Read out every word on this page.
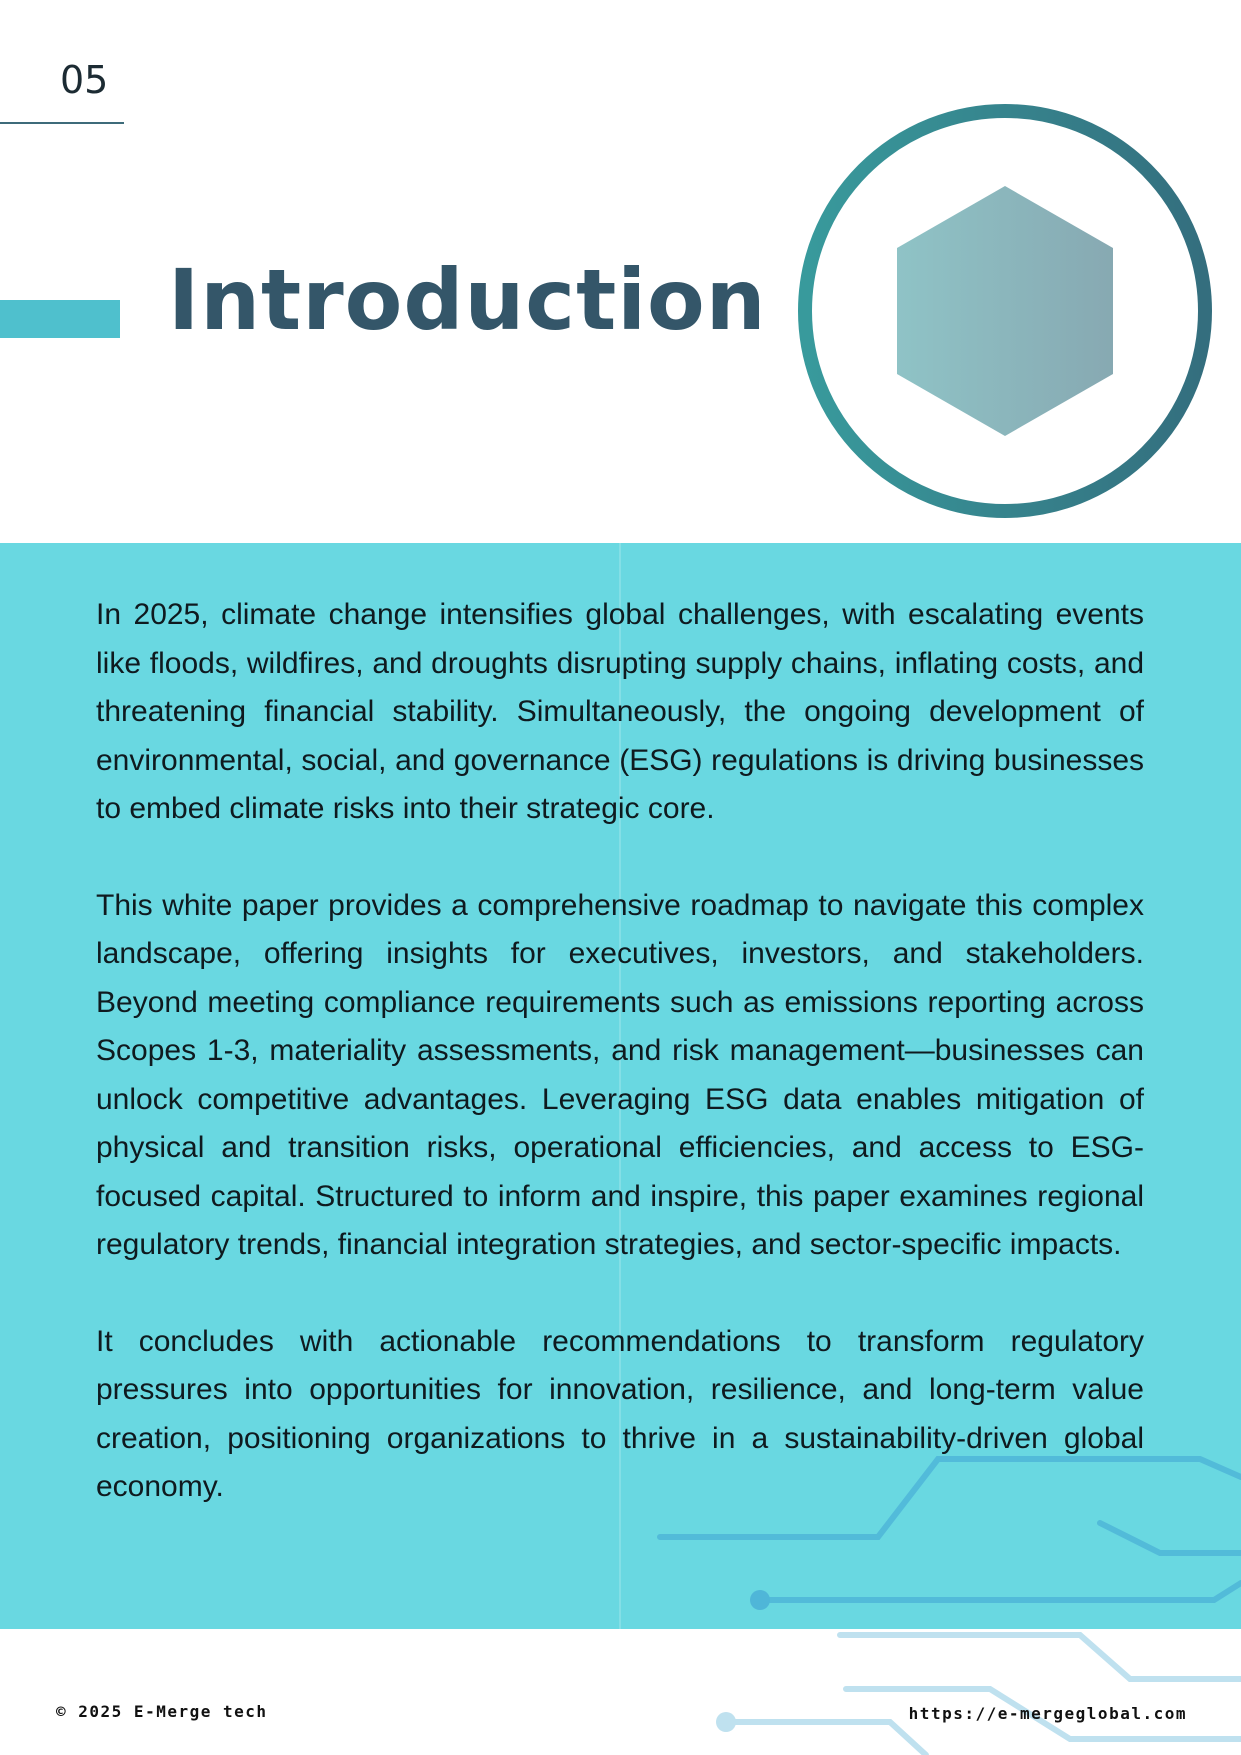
05
Introduction

In 2025, climate change intensifies global challenges, with escalating events like floods, wildfires, and droughts disrupting supply chains, inflating costs, and threatening financial stability. Simultaneously, the ongoing development of environmental, social, and governance (ESG) regulations is driving businesses to embed climate risks into their strategic core.

This white paper provides a comprehensive roadmap to navigate this complex landscape, offering insights for executives, investors, and stakeholders. Beyond meeting compliance requirements such as emissions reporting across Scopes 1-3, materiality assessments, and risk management—businesses can unlock competitive advantages. Leveraging ESG data enables mitigation of physical and transition risks, operational efficiencies, and access to ESG-focused capital. Structured to inform and inspire, this paper examines regional regulatory trends, financial integration strategies, and sector-specific impacts.

It concludes with actionable recommendations to transform regulatory pressures into opportunities for innovation, resilience, and long-term value creation, positioning organizations to thrive in a sustainability-driven global economy.

© 2025 E-Merge tech	https://e-mergeglobal.com
